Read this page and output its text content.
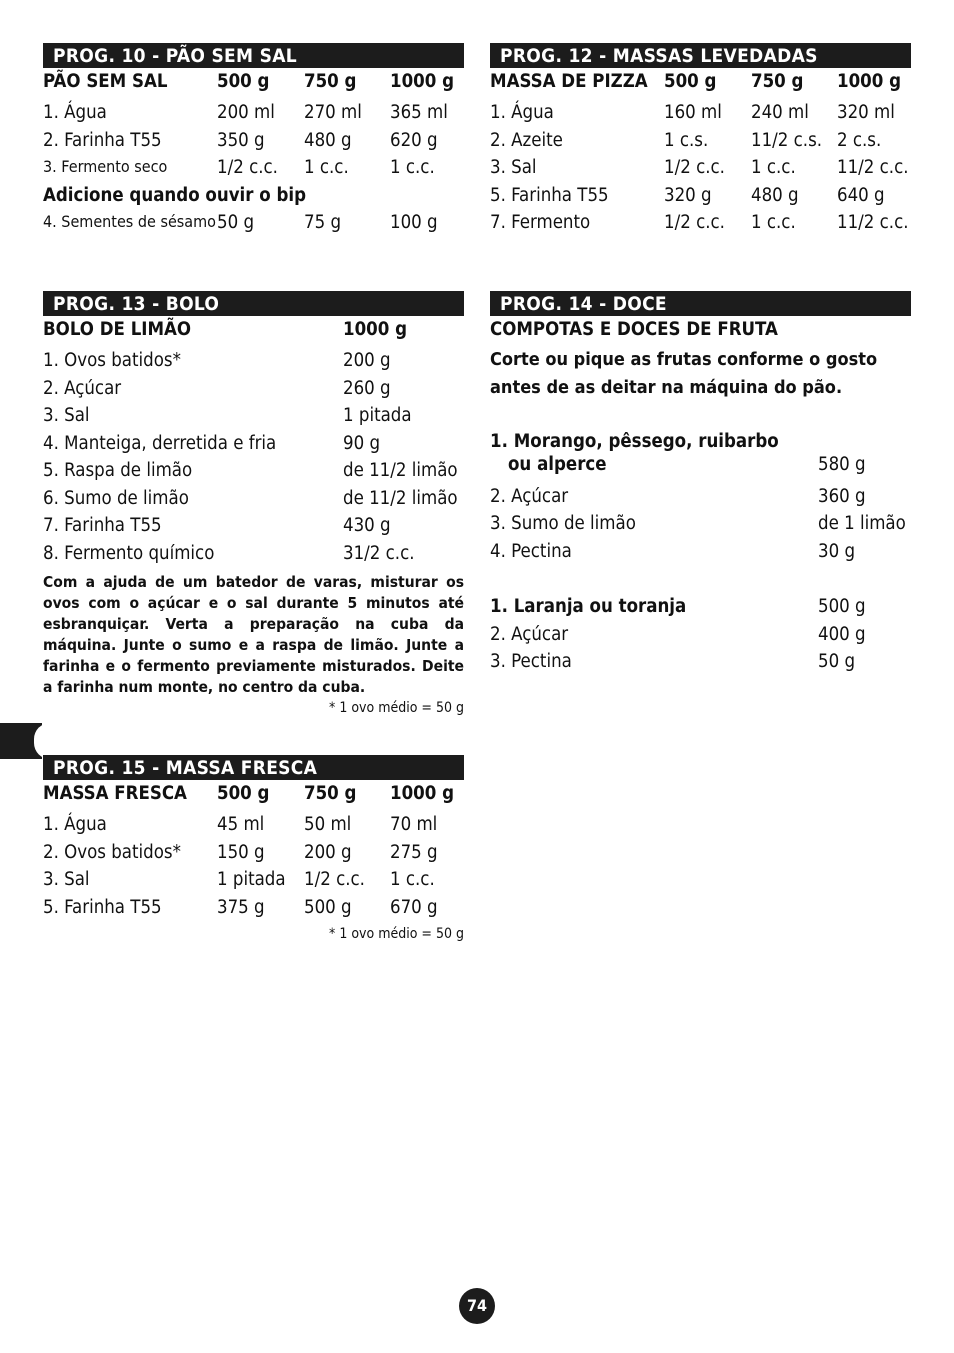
PROG. 10 - PÃO SEM SAL
PÃO SEM SAL	500 g 750 g 1000 g
1. Água	200 ml 270 ml 365 ml
2. Farinha T55	350 g 480 g 620 g
3. Fermento seco	1/2 c.c. 1 c.c. 1 c.c.
Adicione quando ouvir o bip
4. Sementes de sésamo 50 g	75 g	100 g
PROG. 12 - MASSAS LEVEDADAS
MASSA DE PIZZA 500 g 750 g 1000 g
1. Água	160 ml 240 ml 320 ml
2. Azeite	1 c.s. 11/2 c.s. 2 c.s.
3. Sal	1/2 c.c. 1 c.c. 11/2 c.c.
5. Farinha T55	320 g 480 g 640 g
7. Fermento	1/2 c.c. 1 c.c. 11/2 c.c.
PROG. 13 - BOLO
BOLO DE LIMÃO	1000 g
1. Ovos batidos*	200 g
2. Açúcar	260 g
3. Sal	1 pitada
4. Manteiga, derretida e fria	90 g
5. Raspa de limão	de 11/2 limão
6. Sumo de limão	de 11/2 limão
7. Farinha T55	430 g
8. Fermento químico	31/2 c.c.
Com a ajuda de um batedor de varas, misturar os ovos com o açúcar e o sal durante 5 minutos até esbranquiçar. Verta a preparação na cuba da máquina. Junte o sumo e a raspa de limão. Junte a farinha e o fermento previamente misturados. Deite a farinha num monte, no centro da cuba.
* 1 ovo médio = 50 g
PROG. 14 - DOCE
COMPOTAS E DOCES DE FRUTA
Corte ou pique as frutas conforme o gosto antes de as deitar na máquina do pão.
1. Morango, pêssego, ruibarbo
ou alperce	580 g
2. Açúcar	360 g
3. Sumo de limão	de 1 limão
4. Pectina	30 g
1. Laranja ou toranja	500 g
2. Açúcar	400 g
3. Pectina	50 g
PROG. 15 - MASSA FRESCA
MASSA FRESCA 500 g 750 g 1000 g
1. Água	45 ml 50 ml 70 ml
2. Ovos batidos* 150 g 200 g 275 g
3. Sal	1 pitada 1/2 c.c. 1 c.c.
5. Farinha T55	375 g 500 g 670 g
* 1 ovo médio = 50 g
74
